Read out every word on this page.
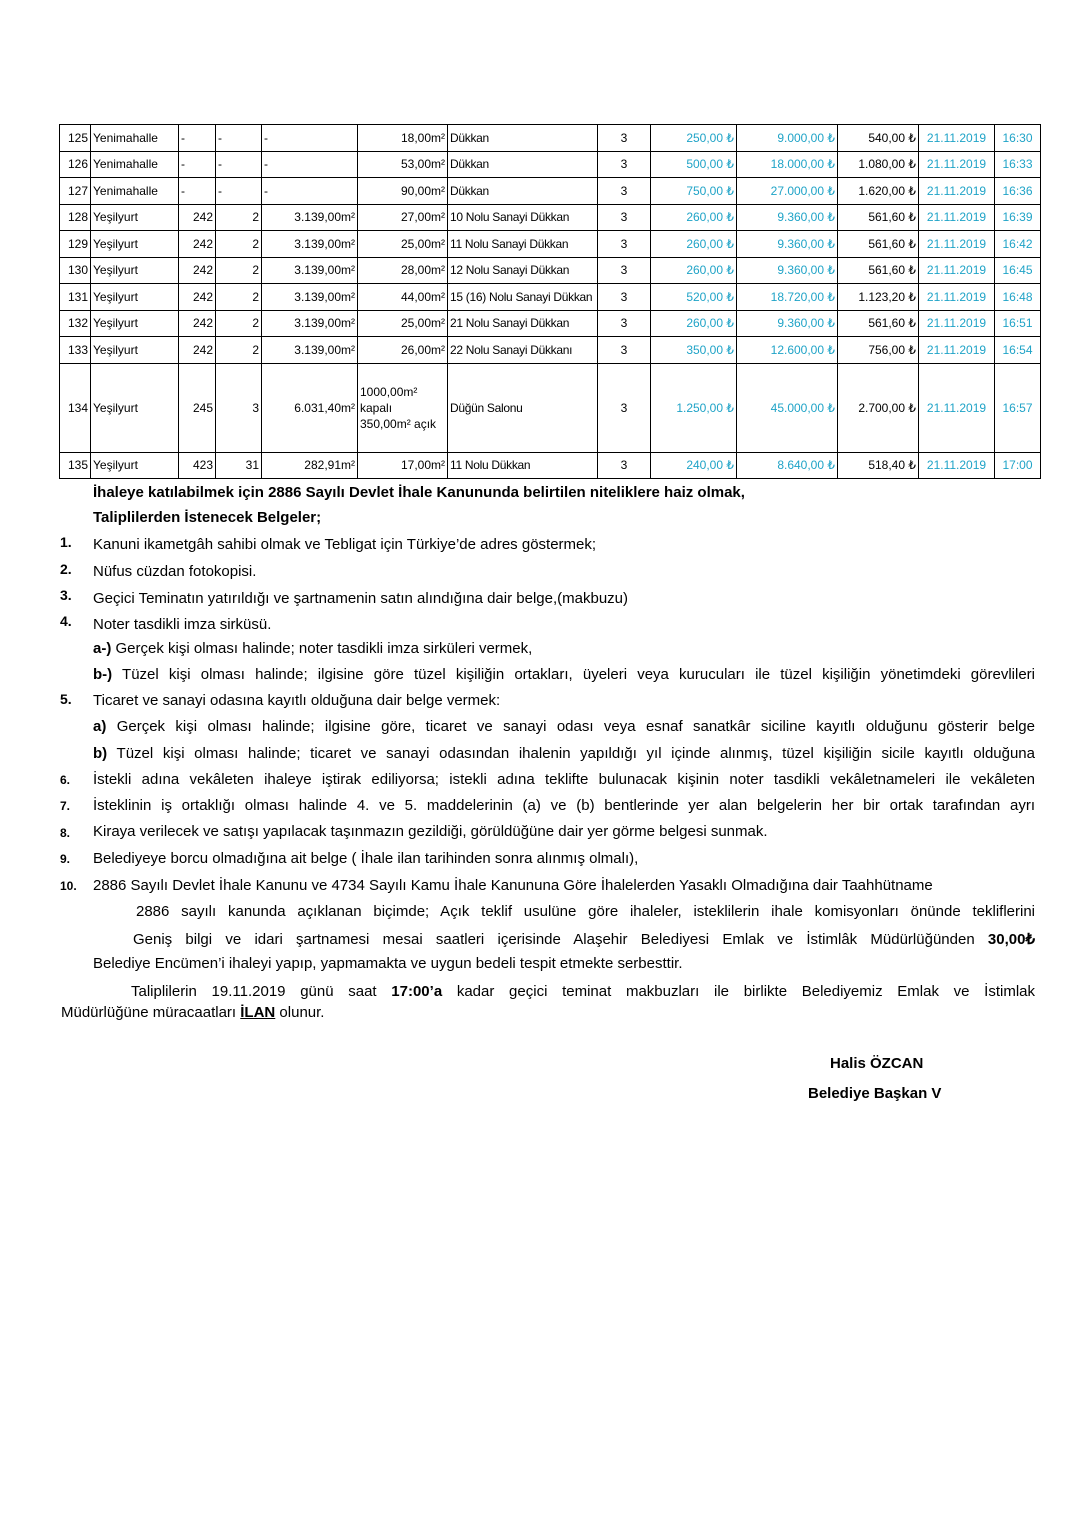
125	Yenimahalle	-	-	-	18,00m²	Dükkan	3	250,00 ₺	9.000,00 ₺	540,00 ₺	21.11.2019	16:30
126	Yenimahalle	-	-	-	53,00m²	Dükkan	3	500,00 ₺	18.000,00 ₺	1.080,00 ₺	21.11.2019	16:33
127	Yenimahalle	-	-	-	90,00m²	Dükkan	3	750,00 ₺	27.000,00 ₺	1.620,00 ₺	21.11.2019	16:36
128	Yeşilyurt	242	2	3.139,00m²	27,00m²	10 Nolu Sanayi Dükkan	3	260,00 ₺	9.360,00 ₺	561,60 ₺	21.11.2019	16:39
129	Yeşilyurt	242	2	3.139,00m²	25,00m²	11 Nolu Sanayi Dükkan	3	260,00 ₺	9.360,00 ₺	561,60 ₺	21.11.2019	16:42
130	Yeşilyurt	242	2	3.139,00m²	28,00m²	12 Nolu Sanayi Dükkan	3	260,00 ₺	9.360,00 ₺	561,60 ₺	21.11.2019	16:45
131	Yeşilyurt	242	2	3.139,00m²	44,00m²	15 (16) Nolu Sanayi Dükkan	3	520,00 ₺	18.720,00 ₺	1.123,20 ₺	21.11.2019	16:48
132	Yeşilyurt	242	2	3.139,00m²	25,00m²	21 Nolu Sanayi Dükkan	3	260,00 ₺	9.360,00 ₺	561,60 ₺	21.11.2019	16:51
133	Yeşilyurt	242	2	3.139,00m²	26,00m²	22 Nolu Sanayi Dükkanı	3	350,00 ₺	12.600,00 ₺	756,00 ₺	21.11.2019	16:54
134	Yeşilyurt	245	3	6.031,40m²	1000,00m²
kapalı
350,00m² açık	Düğün Salonu	3	1.250,00 ₺	45.000,00 ₺	2.700,00 ₺	21.11.2019	16:57
135	Yeşilyurt	423	31	282,91m²	17,00m²	11 Nolu Dükkan	3	240,00 ₺	8.640,00 ₺	518,40 ₺	21.11.2019	17:00
İhaleye katılabilmek için 2886 Sayılı Devlet İhale Kanununda belirtilen niteliklere haiz olmak,
Taliplilerden İstenecek Belgeler;
1. Kanuni ikametgâh sahibi olmak ve Tebligat için Türkiye’de adres göstermek;
2. Nüfus cüzdan fotokopisi.
3. Geçici Teminatın yatırıldığı ve şartnamenin satın alındığına dair belge,(makbuzu)
4. Noter tasdikli imza sirküsü.
a-) Gerçek kişi olması halinde; noter tasdikli imza sirküleri vermek,
b-) Tüzel kişi olması halinde; ilgisine göre tüzel kişiliğin ortakları, üyeleri veya kurucuları ile tüzel kişiliğin yönetimdeki görevlileri
5. Ticaret ve sanayi odasına kayıtlı olduğuna dair belge vermek:
a) Gerçek kişi olması halinde; ilgisine göre, ticaret ve sanayi odası veya esnaf sanatkâr siciline kayıtlı olduğunu gösterir belge
b) Tüzel kişi olması halinde; ticaret ve sanayi odasından ihalenin yapıldığı yıl içinde alınmış, tüzel kişiliğin sicile kayıtlı olduğuna
6. İstekli adına vekâleten ihaleye iştirak ediliyorsa; istekli adına teklifte bulunacak kişinin noter tasdikli vekâletnameleri ile vekâleten
7. İsteklinin iş ortaklığı olması halinde 4. ve 5. maddelerinin (a) ve (b) bentlerinde yer alan belgelerin her bir ortak tarafından ayrı
8. Kiraya verilecek ve satışı yapılacak taşınmazın gezildiği, görüldüğüne dair yer görme belgesi sunmak.
9. Belediyeye borcu olmadığına ait belge ( İhale ilan tarihinden sonra alınmış olmalı),
10. 2886 Sayılı Devlet İhale Kanunu ve 4734 Sayılı Kamu İhale Kanununa Göre İhalelerden Yasaklı Olmadığına dair Taahhütname
2886 sayılı kanunda açıklanan biçimde; Açık teklif usulüne göre ihaleler, isteklilerin ihale komisyonları önünde tekliflerini
Geniş bilgi ve idari şartnamesi mesai saatleri içerisinde Alaşehir Belediyesi Emlak ve İstimlâk Müdürlüğünden 30,00₺
Belediye Encümen’i ihaleyi yapıp, yapmamakta ve uygun bedeli tespit etmekte serbesttir.
Taliplilerin 19.11.2019 günü saat 17:00’a kadar geçici teminat makbuzları ile birlikte Belediyemiz Emlak ve İstimlak
Müdürlüğüne müracaatları İLAN olunur.
Halis ÖZCAN
Belediye Başkan V
